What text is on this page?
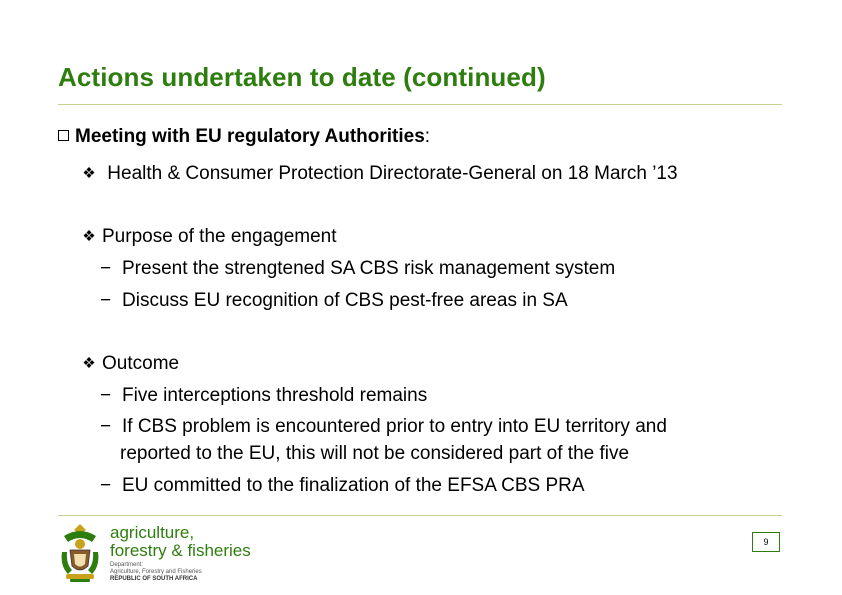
Actions undertaken to date (continued)
Meeting with EU regulatory Authorities:
❖ Health & Consumer Protection Directorate-General on 18 March ’13
❖ Purpose of the engagement
− Present the strengtened SA CBS risk management system
− Discuss EU recognition of CBS pest-free areas in SA
❖ Outcome
− Five interceptions threshold remains
− If CBS problem is encountered prior to entry into EU territory and
reported to the EU, this will not be considered part of the five
− EU committed to the finalization of the EFSA CBS PRA
agriculture,
forestry & fisheries
Department:
Agriculture, Forestry and Fisheries
REPUBLIC OF SOUTH AFRICA
9
